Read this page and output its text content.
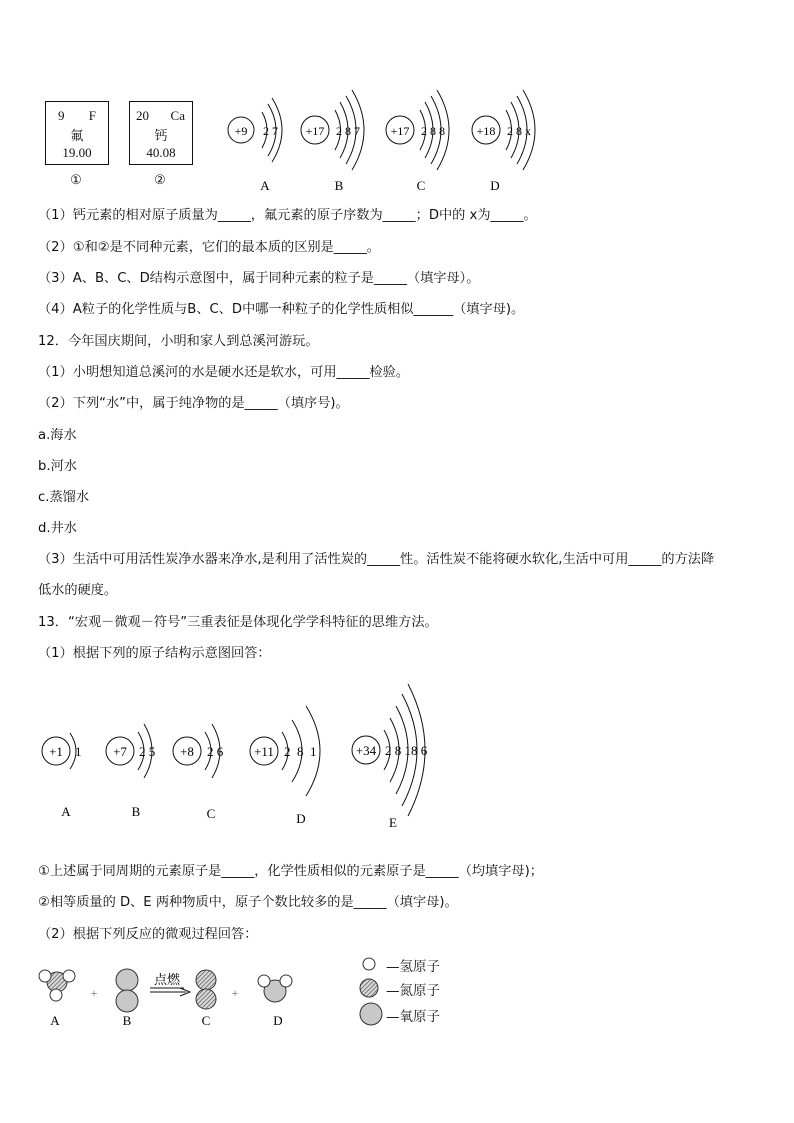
9 F
氟
19.00
①
20 Ca
钙
40.08
②
+9 2 7
A
+17 2 8 7
B
+17 2 8 8
C
+18 2 8 x
D
（1）钙元素的相对原子质量为_____，氟元素的原子序数为_____；D中的 x为_____。
（2）①和②是不同种元素，它们的最本质的区别是_____。
（3）A、B、C、D结构示意图中，属于同种元素的粒子是_____（填字母）。
（4）A粒子的化学性质与B、C、D中哪一种粒子的化学性质相似______（填字母)。
12．今年国庆期间，小明和家人到总溪河游玩。
（1）小明想知道总溪河的水是硬水还是软水，可用_____检验。
（2）下列“水”中，属于纯净物的是_____（填序号)。
a.海水
b.河水
c.蒸馏水
d.井水
（3）生活中可用活性炭净水器来净水,是利用了活性炭的_____性。活性炭不能将硬水软化,生活中可用_____的方法降
低水的硬度。
13．“宏观－微观－符号”三重表征是体现化学学科特征的思维方法。
（1）根据下列的原子结构示意图回答：
+1 1
A
+7 2 5
B
+8 2 6
C
+11 2  8  1
D
+34 2 8 18 6
E
①上述属于同周期的元素原子是_____，化学性质相似的元素原子是_____（均填字母)；
②相等质量的 D、E 两种物质中，原子个数比较多的是_____（填字母)。
（2）根据下列反应的微观过程回答：
A
+
B
点燃
C
+
D
—氢原子
—氮原子
—氧原子
